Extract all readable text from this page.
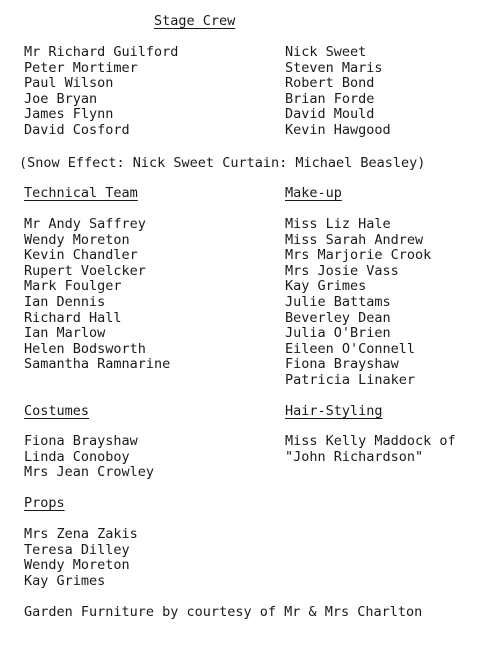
Stage Crew
Mr Richard Guilford
Peter Mortimer
Paul Wilson
Joe Bryan
James Flynn
David Cosford
Nick Sweet
Steven Maris
Robert Bond
Brian Forde
David Mould
Kevin Hawgood
(Snow Effect: Nick Sweet Curtain: Michael Beasley)
Technical Team
Mr Andy Saffrey
Wendy Moreton
Kevin Chandler
Rupert Voelcker
Mark Foulger
Ian Dennis
Richard Hall
Ian Marlow
Helen Bodsworth
Samantha Ramnarine
Make-up
Miss Liz Hale
Miss Sarah Andrew
Mrs Marjorie Crook
Mrs Josie Vass
Kay Grimes
Julie Battams
Beverley Dean
Julia O'Brien
Eileen O'Connell
Fiona Brayshaw
Patricia Linaker
Costumes
Fiona Brayshaw
Linda Conoboy
Mrs Jean Crowley
Hair-Styling
Miss Kelly Maddock of
"John Richardson"
Props
Mrs Zena Zakis
Teresa Dilley
Wendy Moreton
Kay Grimes
Garden Furniture by courtesy of Mr & Mrs Charlton
